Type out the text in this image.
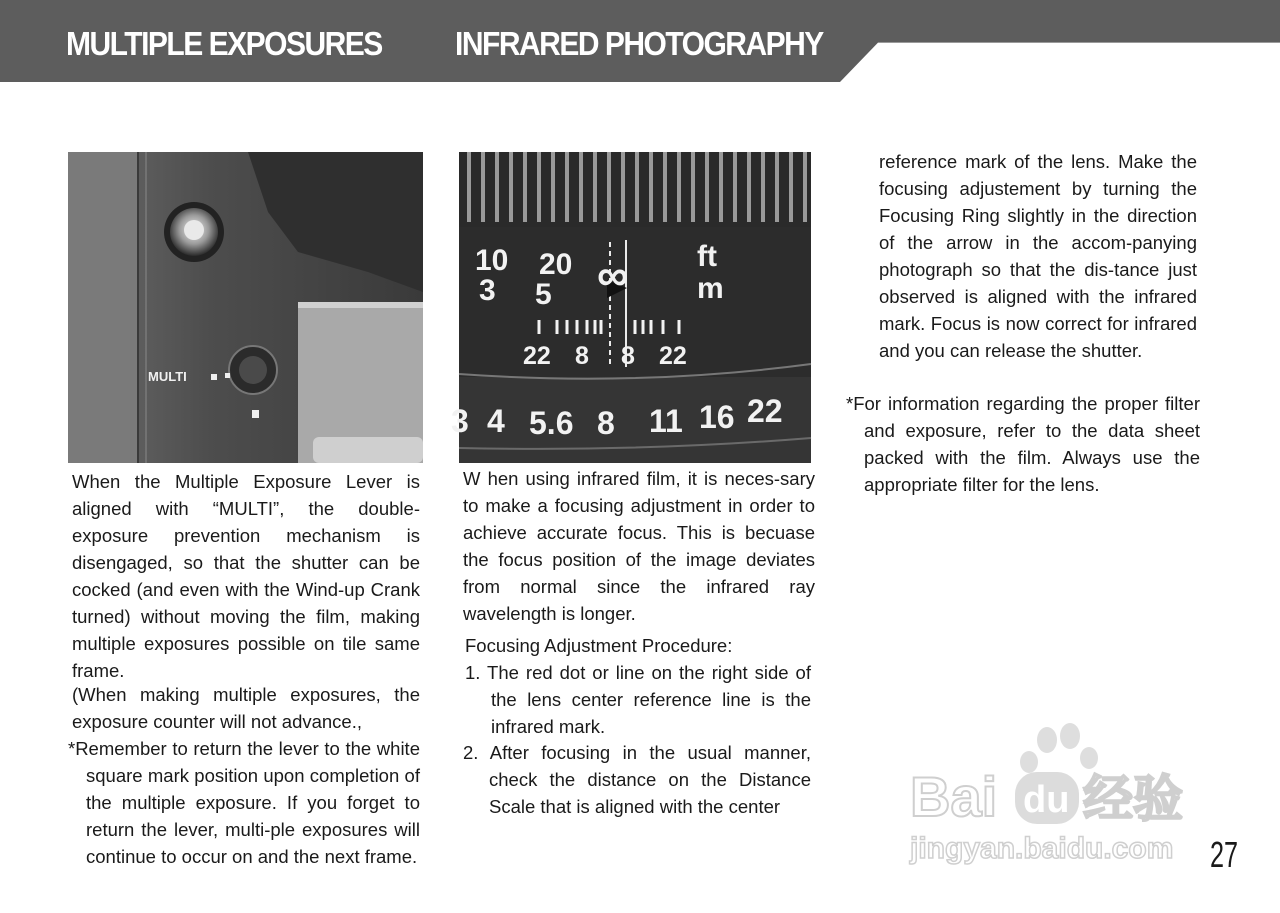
MULTIPLE EXPOSURES INFRARED PHOTOGRAPHY
MULTI
10 20
3 5 ∞ ft
m
22 8 8 22
3 4 5.6 8 11 16 22

When the Multiple Exposure Lever is aligned with “MULTI”, the double-exposure prevention mechanism is disengaged, so that the shutter can be cocked (and even with the Wind-up Crank turned) without moving the film, making multiple exposures possible on tile same frame.

(When making multiple exposures, the exposure counter will not advance.,

*Remember to return the lever to the white square mark position upon completion of the multiple exposure. If you forget to return the lever, multi-ple exposures will continue to occur on and the next frame.

W hen using infrared film, it is neces-sary to make a focusing adjustment in order to achieve accurate focus. This is becuase the focus position of the image deviates from normal since the infrared ray wavelength is longer.

Focusing Adjustment Procedure:

1. The red dot or line on the right side of the lens center reference line is the infrared mark.

2. After focusing in the usual manner, check the distance on the Distance Scale that is aligned with the center

reference mark of the lens. Make the focusing adjustement by turning the Focusing Ring slightly in the direction of the arrow in the accom-panying photograph so that the dis-tance just observed is aligned with the infrared mark. Focus is now correct for infrared and you can release the shutter.

*For information regarding the proper filter and exposure, refer to the data sheet packed with the film. Always use the appropriate filter for the lens.

Bai du 经验
jingyan.baidu.com 27
